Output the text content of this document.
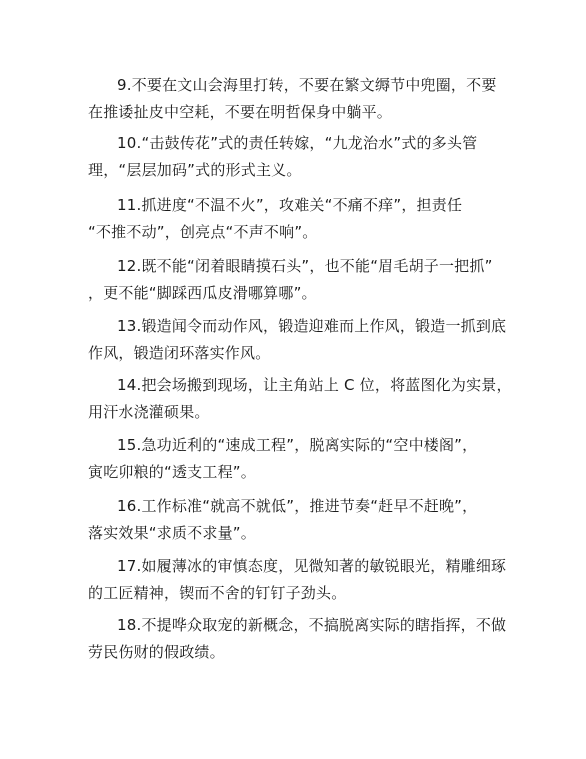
9.不要在文山会海里打转，不要在繁文缛节中兜圈，不要
在推诿扯皮中空耗，不要在明哲保身中躺平。
10.“击鼓传花”式的责任转嫁，“九龙治水”式的多头管
理，“层层加码”式的形式主义。
11.抓进度“不温不火”，攻难关“不痛不痒”，担责任
“不推不动”，创亮点“不声不响”。
12.既不能“闭着眼睛摸石头”，也不能“眉毛胡子一把抓”
，更不能“脚踩西瓜皮滑哪算哪”。
13.锻造闻令而动作风，锻造迎难而上作风，锻造一抓到底
作风，锻造闭环落实作风。
14.把会场搬到现场，让主角站上 C 位，将蓝图化为实景，
用汗水浇灌硕果。
15.急功近利的“速成工程”，脱离实际的“空中楼阁”，
寅吃卯粮的“透支工程”。
16.工作标准“就高不就低”，推进节奏“赶早不赶晚”，
落实效果“求质不求量”。
17.如履薄冰的审慎态度，见微知著的敏锐眼光，精雕细琢
的工匠精神，锲而不舍的钉钉子劲头。
18.不提哗众取宠的新概念，不搞脱离实际的瞎指挥，不做
劳民伤财的假政绩。
